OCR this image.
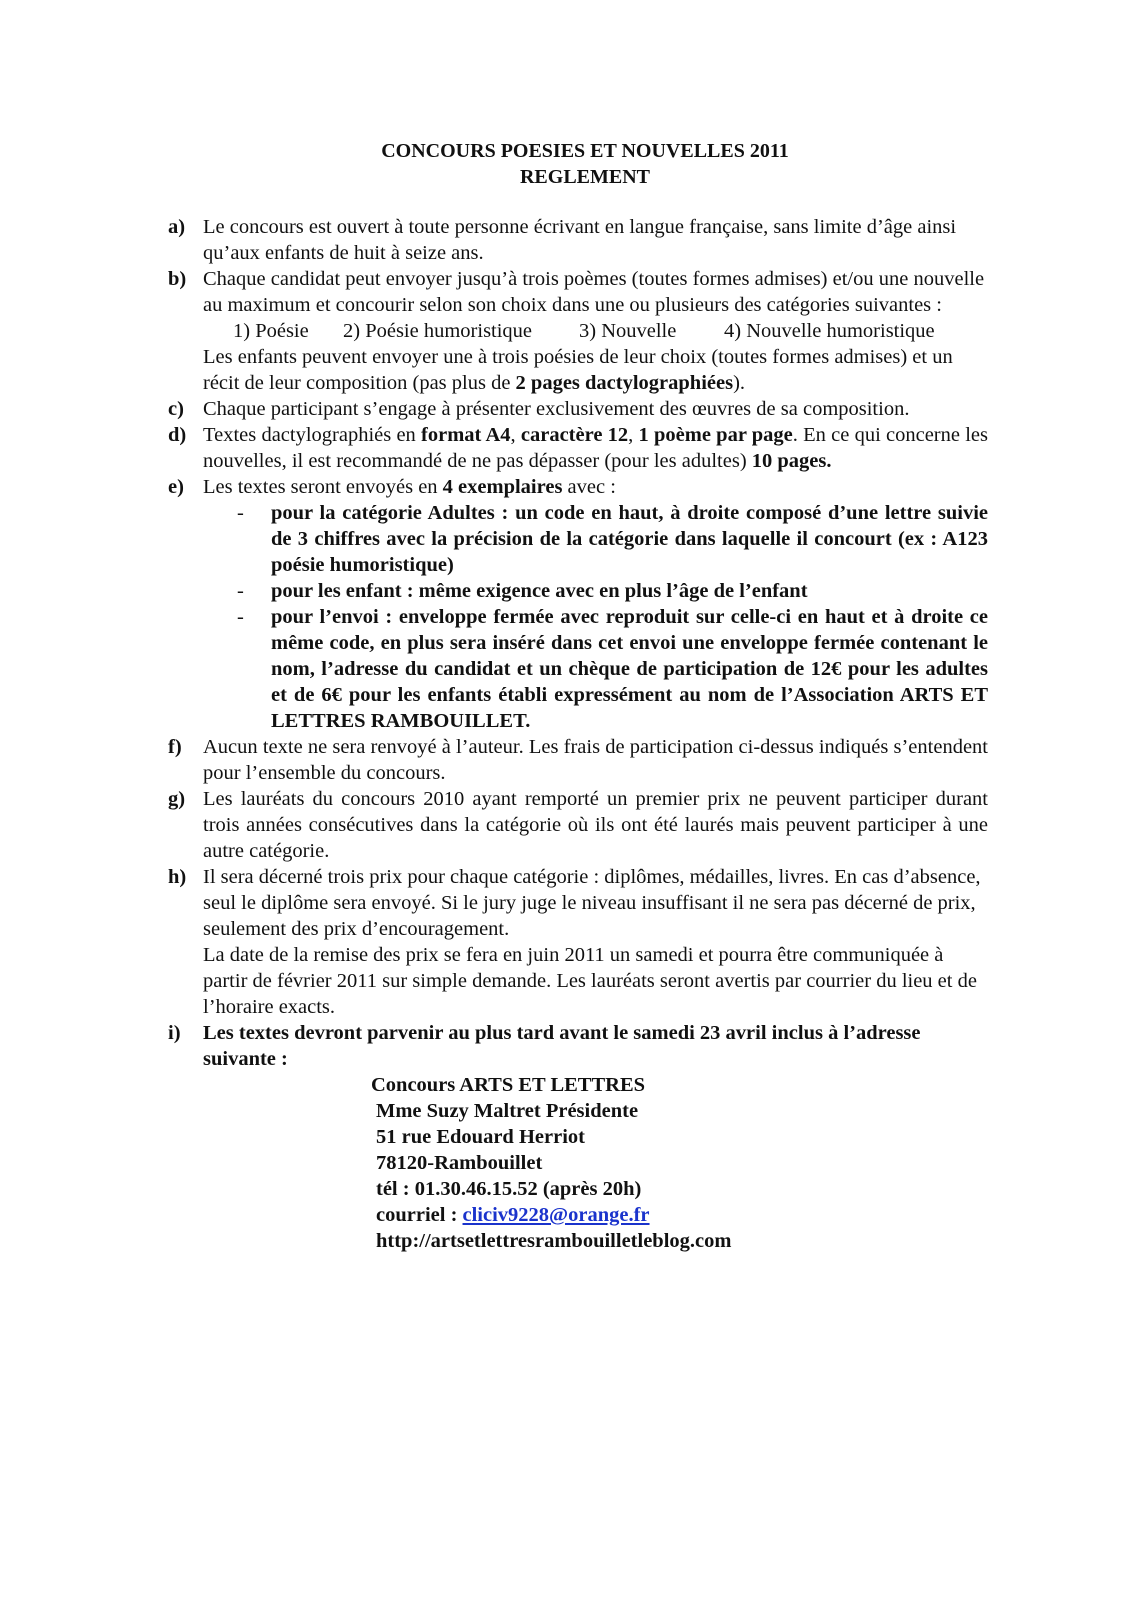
CONCOURS POESIES ET NOUVELLES 2011
REGLEMENT
a) Le concours est ouvert à toute personne écrivant en langue française, sans limite d’âge ainsi qu’aux enfants de huit à seize ans.
b) Chaque candidat peut envoyer jusqu’à trois poèmes (toutes formes admises) et/ou une nouvelle au maximum et concourir selon son choix dans une ou plusieurs des catégories suivantes :
1) Poésie 2) Poésie humoristique 3) Nouvelle 4) Nouvelle humoristique
Les enfants peuvent envoyer une à trois poésies de leur choix (toutes formes admises) et un récit de leur composition (pas plus de 2 pages dactylographiées).
c) Chaque participant s’engage à présenter exclusivement des œuvres de sa composition.
d) Textes dactylographiés en format A4, caractère 12, 1 poème par page. En ce qui concerne les nouvelles, il est recommandé de ne pas dépasser (pour les adultes) 10 pages.
e) Les textes seront envoyés en 4 exemplaires avec :
- pour la catégorie Adultes : un code en haut, à droite composé d’une lettre suivie de 3 chiffres avec la précision de la catégorie dans laquelle il concourt (ex : A123 poésie humoristique)
- pour les enfant : même exigence avec en plus l’âge de l’enfant
- pour l’envoi : enveloppe fermée avec reproduit sur celle-ci en haut et à droite ce même code, en plus sera inséré dans cet envoi une enveloppe fermée contenant le nom, l’adresse du candidat et un chèque de participation de 12€ pour les adultes et de 6€ pour les enfants établi expressément au nom de l’Association ARTS ET LETTRES RAMBOUILLET.
f) Aucun texte ne sera renvoyé à l’auteur. Les frais de participation ci-dessus indiqués s’entendent pour l’ensemble du concours.
g) Les lauréats du concours 2010 ayant remporté un premier prix ne peuvent participer durant trois années consécutives dans la catégorie où ils ont été laurés mais peuvent participer à une autre catégorie.
h) Il sera décerné trois prix pour chaque catégorie : diplômes, médailles, livres. En cas d’absence, seul le diplôme sera envoyé. Si le jury juge le niveau insuffisant il ne sera pas décerné de prix, seulement des prix d’encouragement.
La date de la remise des prix se fera en juin 2011 un samedi et pourra être communiquée à partir de février 2011 sur simple demande. Les lauréats seront avertis par courrier du lieu et de l’horaire exacts.
i) Les textes devront parvenir au plus tard avant le samedi 23 avril inclus à l’adresse suivante :
Concours ARTS ET LETTRES
Mme Suzy Maltret Présidente
51 rue Edouard Herriot
78120-Rambouillet
tél : 01.30.46.15.52 (après 20h)
courriel : cliciv9228@orange.fr
http://artsetlettresrambouilletleblog.com
